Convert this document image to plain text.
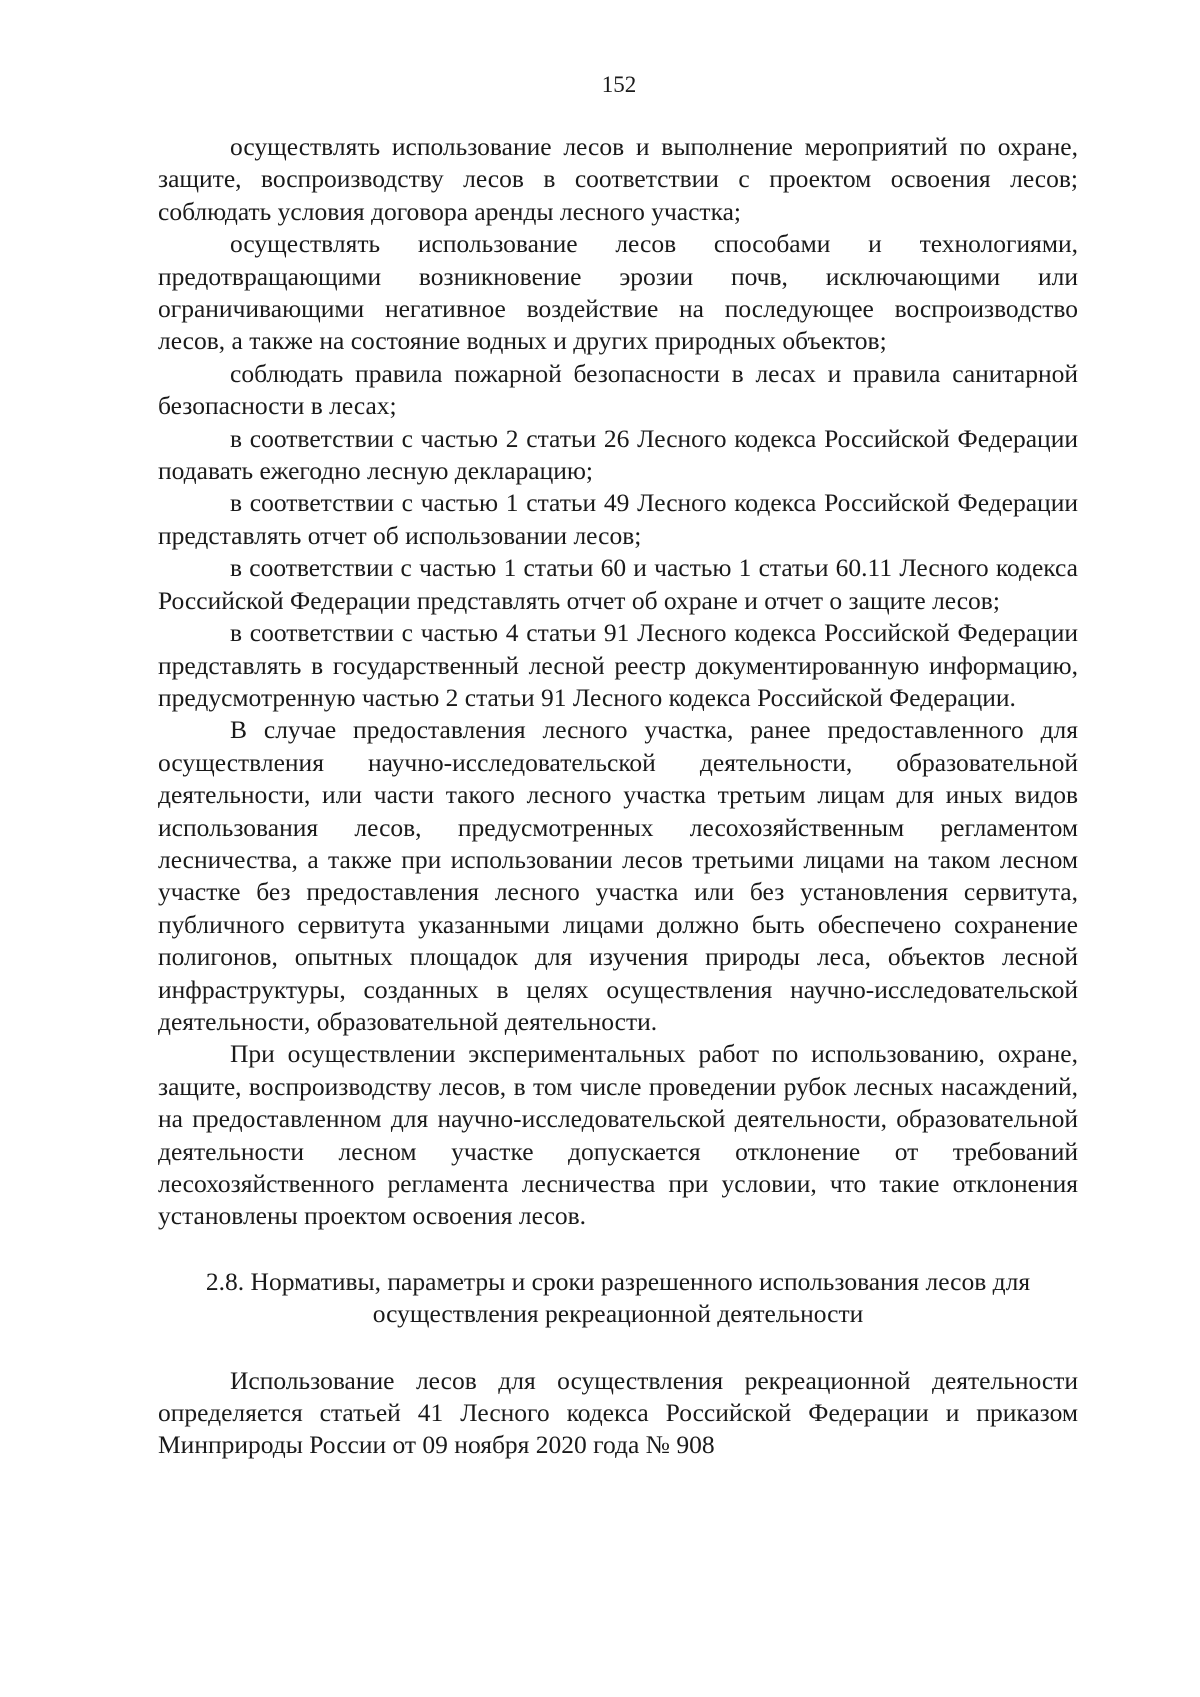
152

осуществлять использование лесов и выполнение мероприятий по охране, защите, воспроизводству лесов в соответствии с проектом освоения лесов; соблюдать условия договора аренды лесного участка;

осуществлять использование лесов способами и технологиями, предотвращающими возникновение эрозии почв, исключающими или ограничивающими негативное воздействие на последующее воспроизводство лесов, а также на состояние водных и других природных объектов;

соблюдать правила пожарной безопасности в лесах и правила санитарной безопасности в лесах;

в соответствии с частью 2 статьи 26 Лесного кодекса Российской Федерации подавать ежегодно лесную декларацию;

в соответствии с частью 1 статьи 49 Лесного кодекса Российской Федерации представлять отчет об использовании лесов;

в соответствии с частью 1 статьи 60 и частью 1 статьи 60.11 Лесного кодекса Российской Федерации представлять отчет об охране и отчет о защите лесов;

в соответствии с частью 4 статьи 91 Лесного кодекса Российской Федерации представлять в государственный лесной реестр документированную информацию, предусмотренную частью 2 статьи 91 Лесного кодекса Российской Федерации.

В случае предоставления лесного участка, ранее предоставленного для осуществления научно-исследовательской деятельности, образовательной деятельности, или части такого лесного участка третьим лицам для иных видов использования лесов, предусмотренных лесохозяйственным регламентом лесничества, а также при использовании лесов третьими лицами на таком лесном участке без предоставления лесного участка или без установления сервитута, публичного сервитута указанными лицами должно быть обеспечено сохранение полигонов, опытных площадок для изучения природы леса, объектов лесной инфраструктуры, созданных в целях осуществления научно-исследовательской деятельности, образовательной деятельности.

При осуществлении экспериментальных работ по использованию, охране, защите, воспроизводству лесов, в том числе проведении рубок лесных насаждений, на предоставленном для научно-исследовательской деятельности, образовательной деятельности лесном участке допускается отклонение от требований лесохозяйственного регламента лесничества при условии, что такие отклонения установлены проектом освоения лесов.

2.8. Нормативы, параметры и сроки разрешенного использования лесов для
осуществления рекреационной деятельности

Использование лесов для осуществления рекреационной деятельности определяется статьей 41 Лесного кодекса Российской Федерации и приказом Минприроды России от 09 ноября 2020 года № 908
